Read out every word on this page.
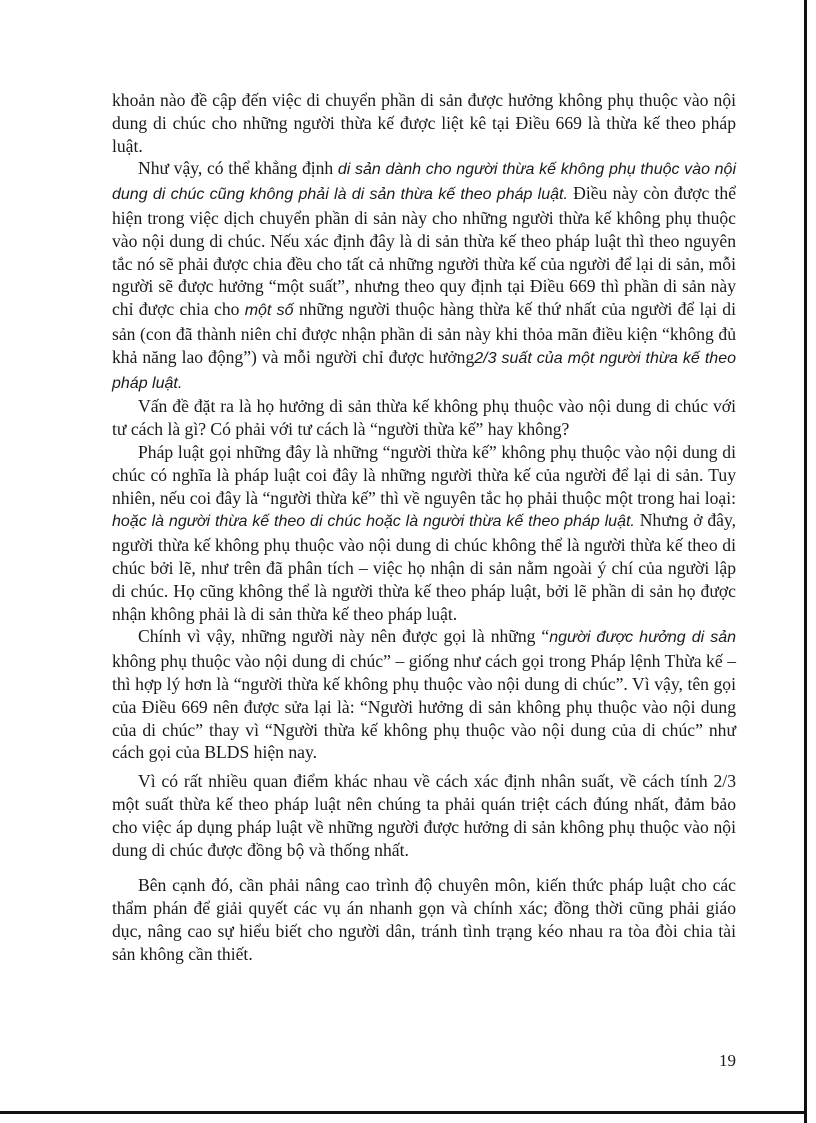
khoản nào đề cập đến việc di chuyển phần di sản được hưởng không phụ thuộc vào nội dung di chúc cho những người thừa kế được liệt kê tại Điều 669 là thừa kế theo pháp luật.

Như vậy, có thể khẳng định di sản dành cho người thừa kế không phụ thuộc vào nội dung di chúc cũng không phải là di sản thừa kế theo pháp luật. Điều này còn được thể hiện trong việc dịch chuyển phần di sản này cho những người thừa kế không phụ thuộc vào nội dung di chúc. Nếu xác định đây là di sản thừa kế theo pháp luật thì theo nguyên tắc nó sẽ phải được chia đều cho tất cả những người thừa kế của người để lại di sản, mỗi người sẽ được hưởng “một suất”, nhưng theo quy định tại Điều 669 thì phần di sản này chỉ được chia cho một số những người thuộc hàng thừa kế thứ nhất của người để lại di sản (con đã thành niên chỉ được nhận phần di sản này khi thỏa mãn điều kiện “không đủ khả năng lao động”) và mỗi người chỉ được hưởng2/3 suất của một người thừa kế theo pháp luật.

Vấn đề đặt ra là họ hưởng di sản thừa kế không phụ thuộc vào nội dung di chúc với tư cách là gì? Có phải với tư cách là “người thừa kế” hay không?

Pháp luật gọi những đây là những “người thừa kế” không phụ thuộc vào nội dung di chúc có nghĩa là pháp luật coi đây là những người thừa kế của người để lại di sản. Tuy nhiên, nếu coi đây là “người thừa kế” thì về nguyên tắc họ phải thuộc một trong hai loại: hoặc là người thừa kế theo di chúc hoặc là người thừa kế theo pháp luật. Nhưng ở đây, người thừa kế không phụ thuộc vào nội dung di chúc không thể là người thừa kế theo di chúc bởi lẽ, như trên đã phân tích – việc họ nhận di sản nằm ngoài ý chí của người lập di chúc. Họ cũng không thể là người thừa kế theo pháp luật, bởi lẽ phần di sản họ được nhận không phải là di sản thừa kế theo pháp luật.

Chính vì vậy, những người này nên được gọi là những “người được hưởng di sản không phụ thuộc vào nội dung di chúc” – giống như cách gọi trong Pháp lệnh Thừa kế – thì hợp lý hơn là “người thừa kế không phụ thuộc vào nội dung di chúc”. Vì vậy, tên gọi của Điều 669 nên được sửa lại là: “Người hưởng di sản không phụ thuộc vào nội dung của di chúc” thay vì “Người thừa kế không phụ thuộc vào nội dung của di chúc” như cách gọi của BLDS hiện nay.

Vì có rất nhiều quan điểm khác nhau về cách xác định nhân suất, về cách tính 2/3 một suất thừa kế theo pháp luật nên chúng ta phải quán triệt cách đúng nhất, đảm bảo cho việc áp dụng pháp luật về những người được hưởng di sản không phụ thuộc vào nội dung di chúc được đồng bộ và thống nhất.

Bên cạnh đó, cần phải nâng cao trình độ chuyên môn, kiến thức pháp luật cho các thẩm phán để giải quyết các vụ án nhanh gọn và chính xác; đồng thời cũng phải giáo dục, nâng cao sự hiểu biết cho người dân, tránh tình trạng kéo nhau ra tòa đòi chia tài sản không cần thiết.

19
